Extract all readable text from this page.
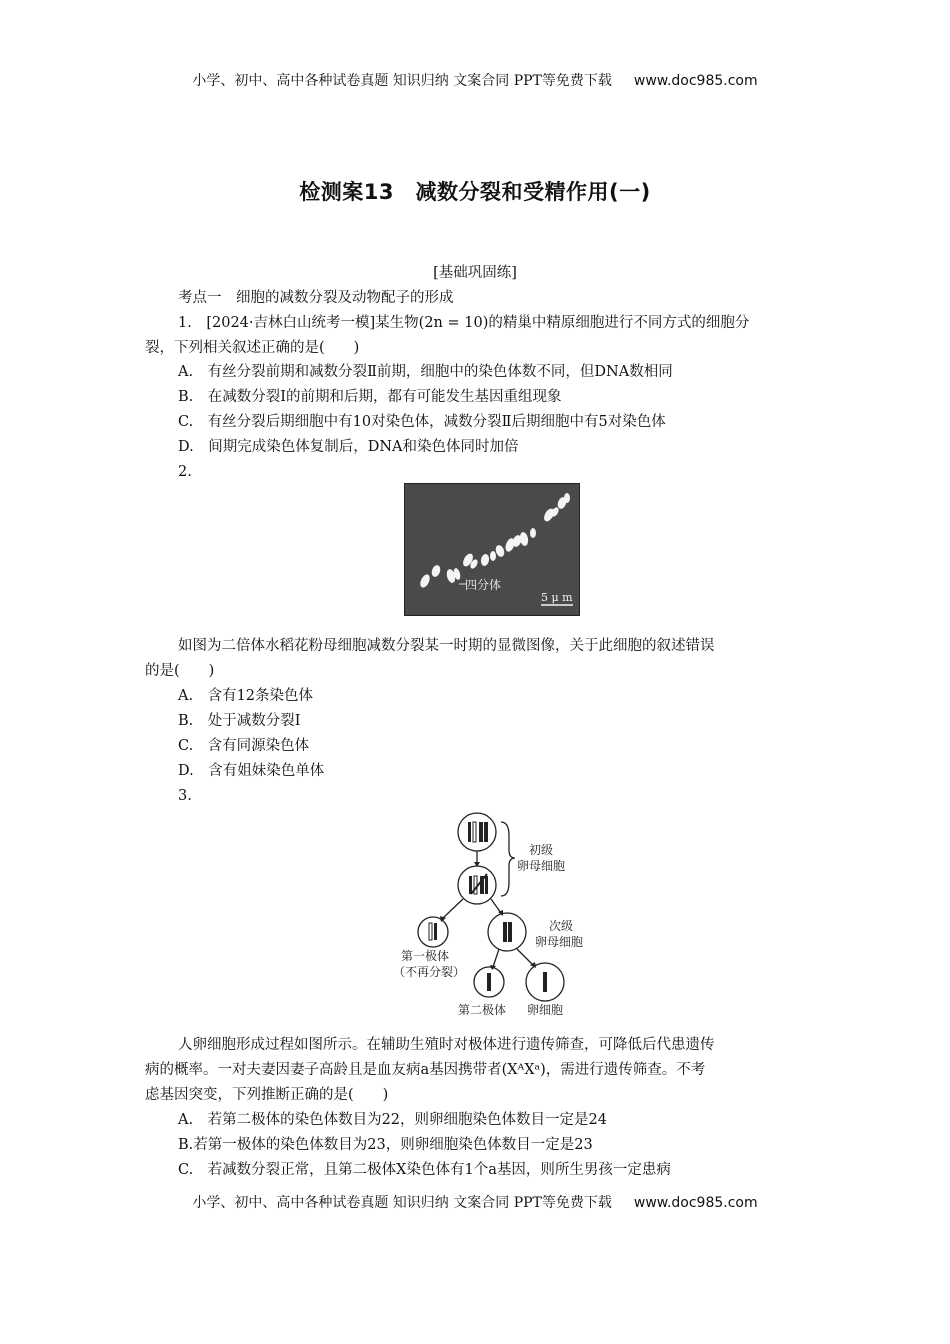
小学、初中、高中各种试卷真题 知识归纳 文案合同 PPT等免费下载 www.doc985.com
检测案13　减数分裂和受精作用(一)
[基础巩固练]
考点一　细胞的减数分裂及动物配子的形成
1.　[2024·吉林白山统考一模]某生物(2n = 10)的精巢中精原细胞进行不同方式的细胞分
裂，下列相关叙述正确的是(　　)
A.　有丝分裂前期和减数分裂Ⅱ前期，细胞中的染色体数不同，但DNA数相同
B.　在减数分裂Ⅰ的前期和后期，都有可能发生基因重组现象
C.　有丝分裂后期细胞中有10对染色体，减数分裂Ⅱ后期细胞中有5对染色体
D.　间期完成染色体复制后，DNA和染色体同时加倍
2.
四分体
5 μ m
如图为二倍体水稻花粉母细胞减数分裂某一时期的显微图像，关于此细胞的叙述错误
的是(　　)
A.　含有12条染色体
B.　处于减数分裂Ⅰ
C.　含有同源染色体
D.　含有姐妹染色单体
3.
初级
卵母细胞
次级
卵母细胞
第一极体
（不再分裂）
第二极体 卵细胞
人卵细胞形成过程如图所示。在辅助生殖时对极体进行遗传筛查，可降低后代患遗传
病的概率。一对夫妻因妻子高龄且是血友病a基因携带者(XᴬXᵃ)，需进行遗传筛查。不考
虑基因突变，下列推断正确的是(　　)
A.　若第二极体的染色体数目为22，则卵细胞染色体数目一定是24
B.若第一极体的染色体数目为23，则卵细胞染色体数目一定是23
C.　若减数分裂正常，且第二极体X染色体有1个a基因，则所生男孩一定患病
小学、初中、高中各种试卷真题 知识归纳 文案合同 PPT等免费下载 www.doc985.com
